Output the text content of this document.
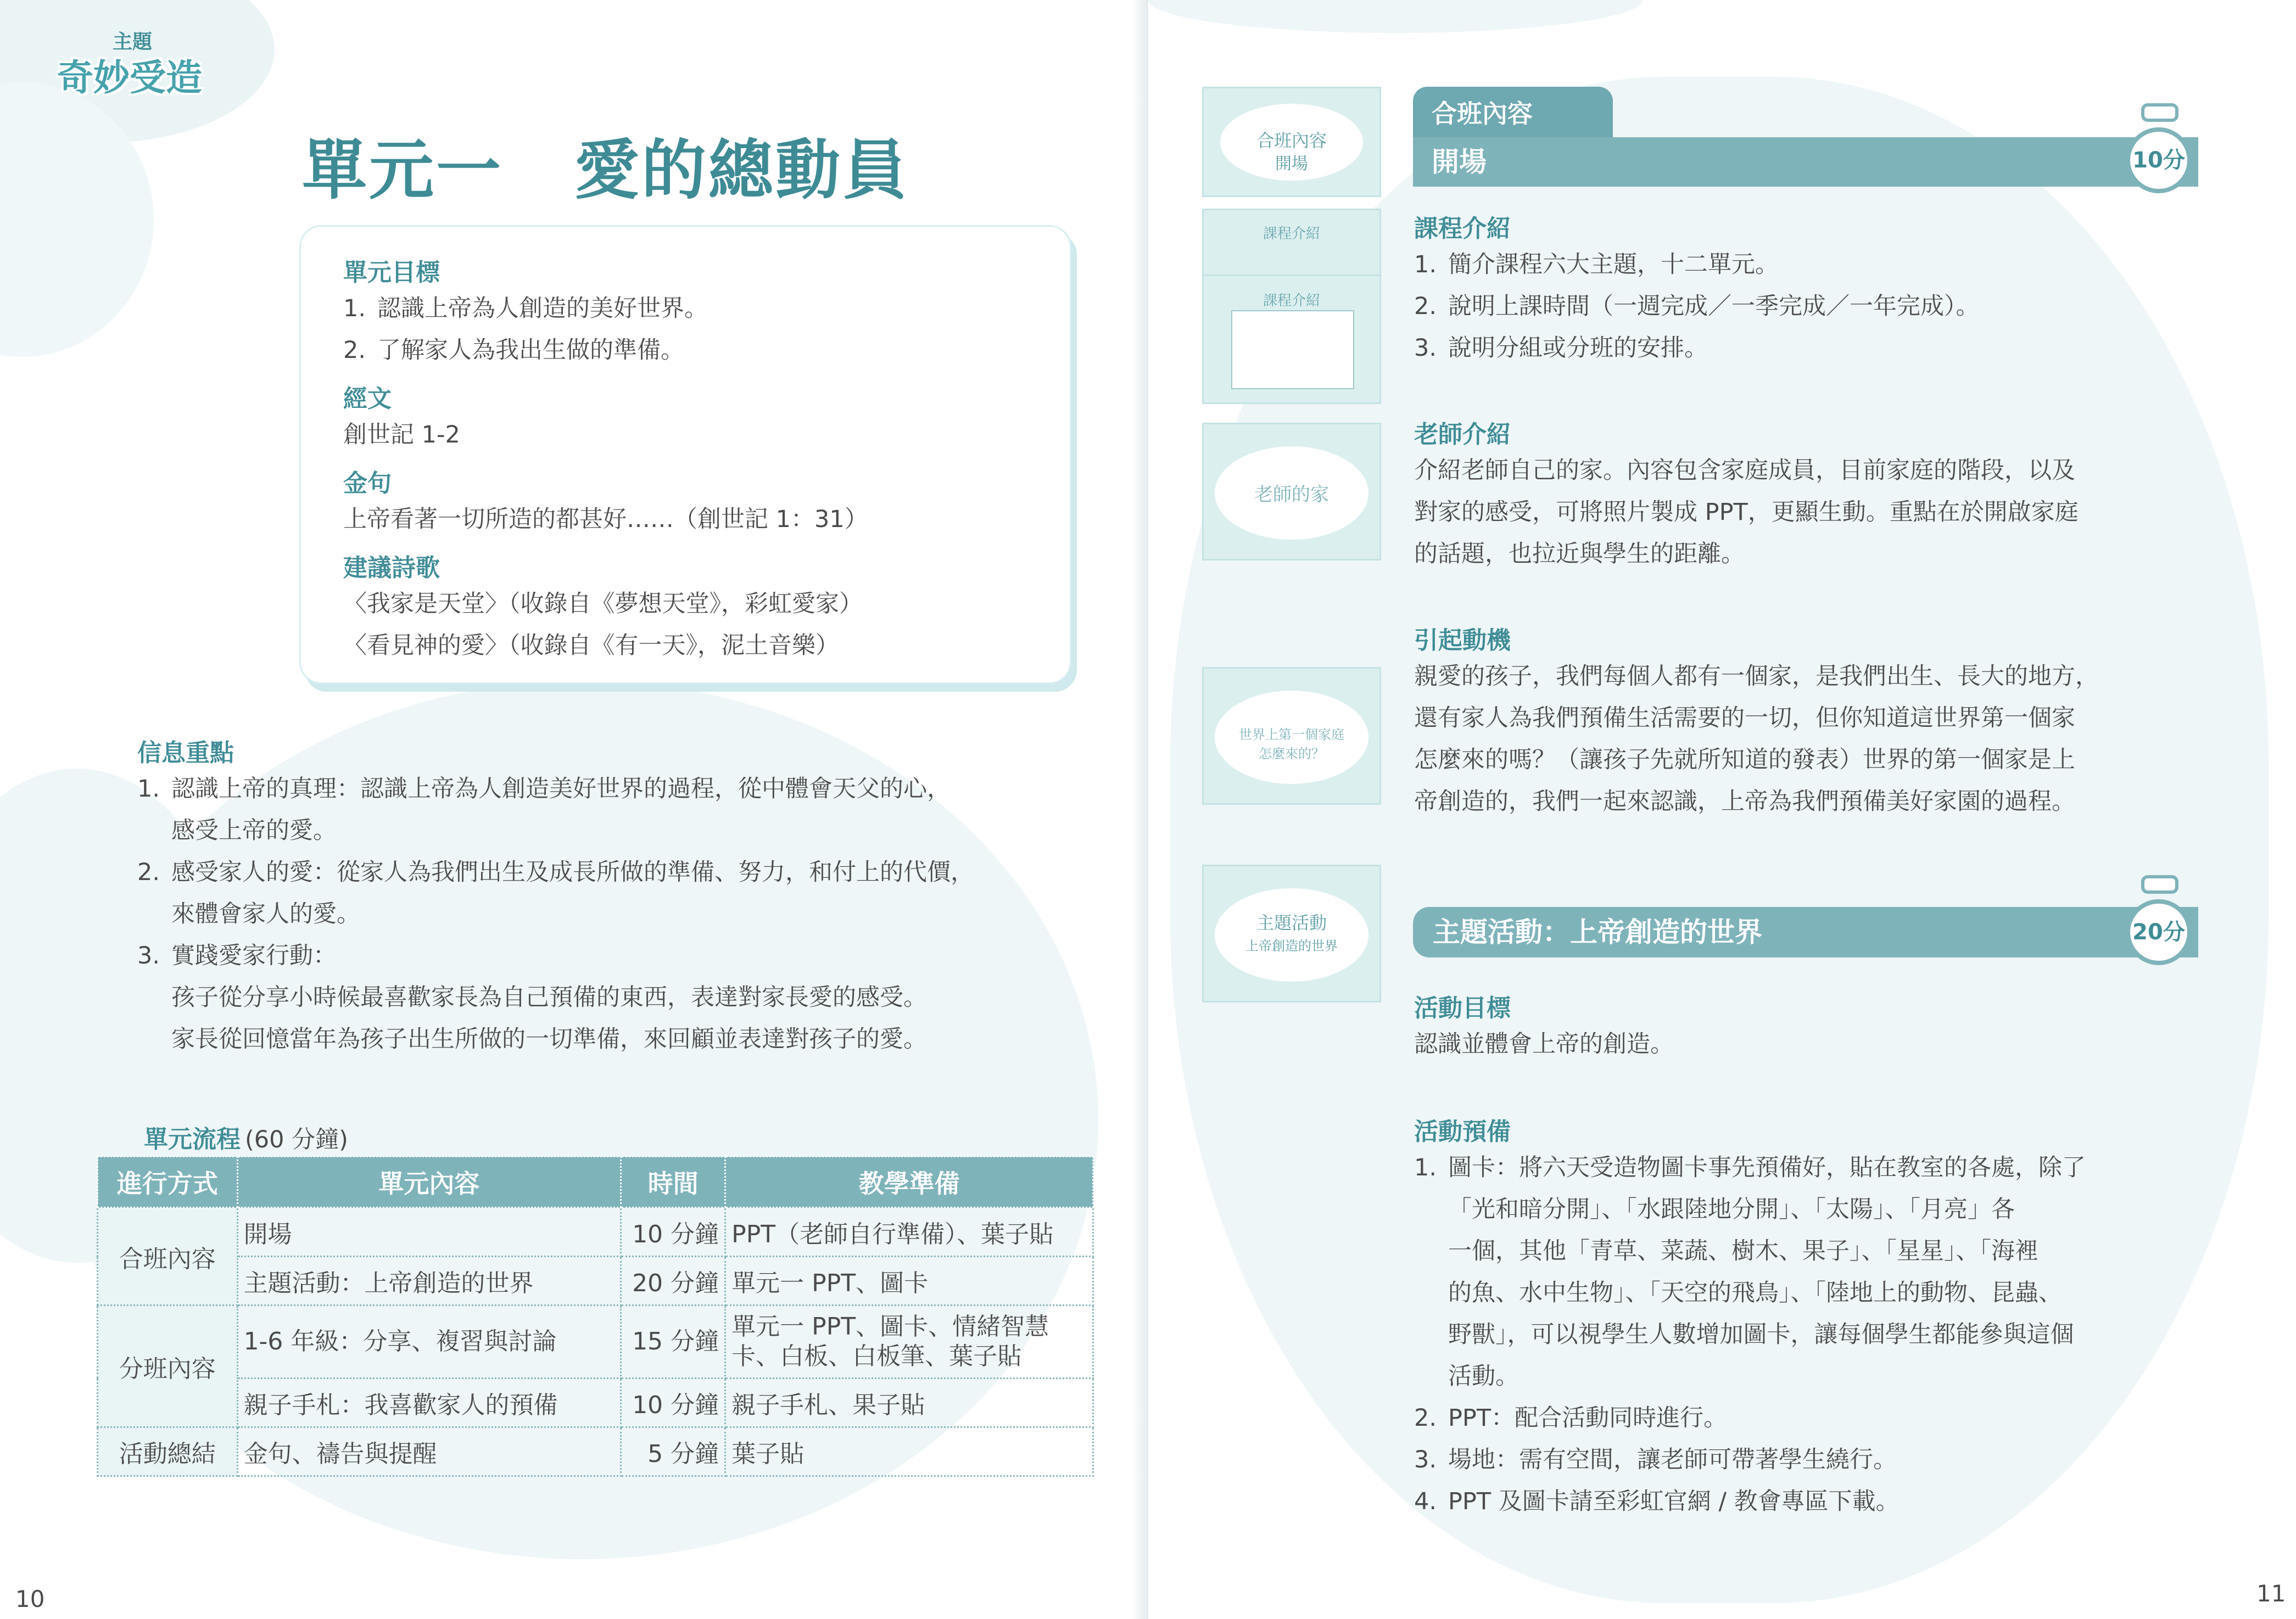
主題
奇妙受造
單元一 愛的總動員
單元目標
1. 認識上帝為人創造的美好世界。
2. 了解家人為我出生做的準備。
經文
創世記 1-2
金句
上帝看著一切所造的都甚好……（創世記 1：31）
建議詩歌
〈我家是天堂〉（收錄自《夢想天堂》，彩虹愛家）
〈看見神的愛〉（收錄自《有一天》，泥土音樂）
信息重點
1. 認識上帝的真理：認識上帝為人創造美好世界的過程，從中體會天父的心，
感受上帝的愛。
2. 感受家人的愛：從家人為我們出生及成長所做的準備、努力，和付上的代價，
來體會家人的愛。
3. 實踐愛家行動：
孩子從分享小時候最喜歡家長為自己預備的東西，表達對家長愛的感受。
家長從回憶當年為孩子出生所做的一切準備，來回顧並表達對孩子的愛。
單元流程 (60 分鐘)
進行方式	單元內容	時間	教學準備
合班內容	開場	10 分鐘	PPT（老師自行準備）、葉子貼
	主題活動：上帝創造的世界	20 分鐘	單元一 PPT、圖卡
分班內容	1-6 年級：分享、複習與討論	15 分鐘	單元一 PPT、圖卡、情緒智慧卡、白板、白板筆、葉子貼
	親子手札：我喜歡家人的預備	10 分鐘	親子手札、果子貼
活動總結	金句、禱告與提醒	5 分鐘	葉子貼
10
合班內容
開場
課程介紹
課程介紹
老師的家
世界上第一個家庭
怎麼來的？
主題活動
上帝創造的世界
合班內容
開場	10分
課程介紹
1. 簡介課程六大主題，十二單元。
2. 說明上課時間（一週完成／一季完成／一年完成）。
3. 說明分組或分班的安排。
老師介紹
介紹老師自己的家。內容包含家庭成員，目前家庭的階段，以及
對家的感受，可將照片製成 PPT，更顯生動。重點在於開啟家庭
的話題，也拉近與學生的距離。
引起動機
親愛的孩子，我們每個人都有一個家，是我們出生、長大的地方，
還有家人為我們預備生活需要的一切，但你知道這世界第一個家
怎麼來的嗎？（讓孩子先就所知道的發表）世界的第一個家是上
帝創造的，我們一起來認識，上帝為我們預備美好家園的過程。
主題活動：上帝創造的世界	20分
活動目標
認識並體會上帝的創造。
活動預備
1. 圖卡：將六天受造物圖卡事先預備好，貼在教室的各處，除了
「光和暗分開」、「水跟陸地分開」、「太陽」、「月亮」各
一個，其他「青草、菜蔬、樹木、果子」、「星星」、「海裡
的魚、水中生物」、「天空的飛鳥」、「陸地上的動物、昆蟲、
野獸」，可以視學生人數增加圖卡，讓每個學生都能參與這個
活動。
2. PPT：配合活動同時進行。
3. 場地：需有空間，讓老師可帶著學生繞行。
4. PPT 及圖卡請至彩虹官網 / 教會專區下載。
11
